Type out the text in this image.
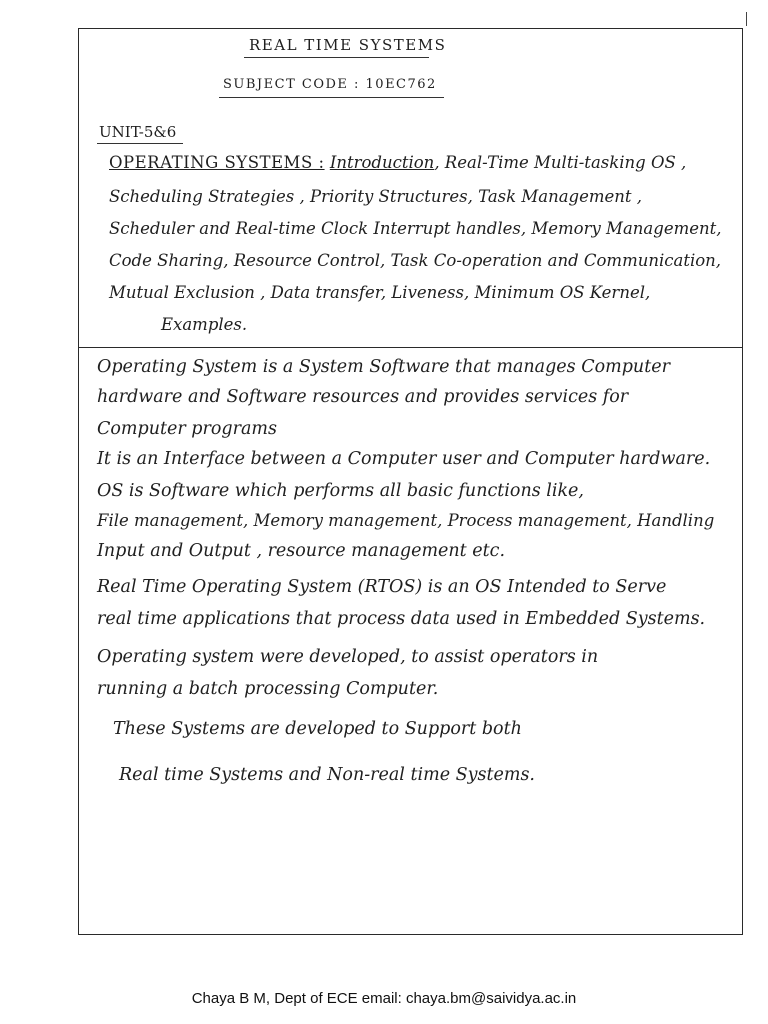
REAL TIME SYSTEMS
SUBJECT CODE : 10EC762
UNIT-5&6
OPERATING SYSTEMS : Introduction, Real-Time Multi-tasking OS ,
Scheduling Strategies , Priority Structures, Task Management ,
Scheduler and Real-time Clock Interrupt handles, Memory Management,
Code Sharing, Resource Control, Task Co-operation and Communication,
Mutual Exclusion , Data transfer, Liveness, Minimum OS Kernel,
Examples.
Operating System is a System Software that manages Computer
hardware and Software resources and provides services for
Computer programs
It is an Interface between a Computer user and Computer hardware.
OS is Software which performs all basic functions like,
File management, Memory management, Process management, Handling
Input and Output , resource management etc.
Real Time Operating System (RTOS) is an OS Intended to Serve
real time applications that process data used in Embedded Systems.
Operating system were developed, to assist operators in
running a batch processing Computer.
These Systems are developed to Support both
Real time Systems and Non-real time Systems.
Chaya B M, Dept of ECE email: chaya.bm@saividya.ac.in
